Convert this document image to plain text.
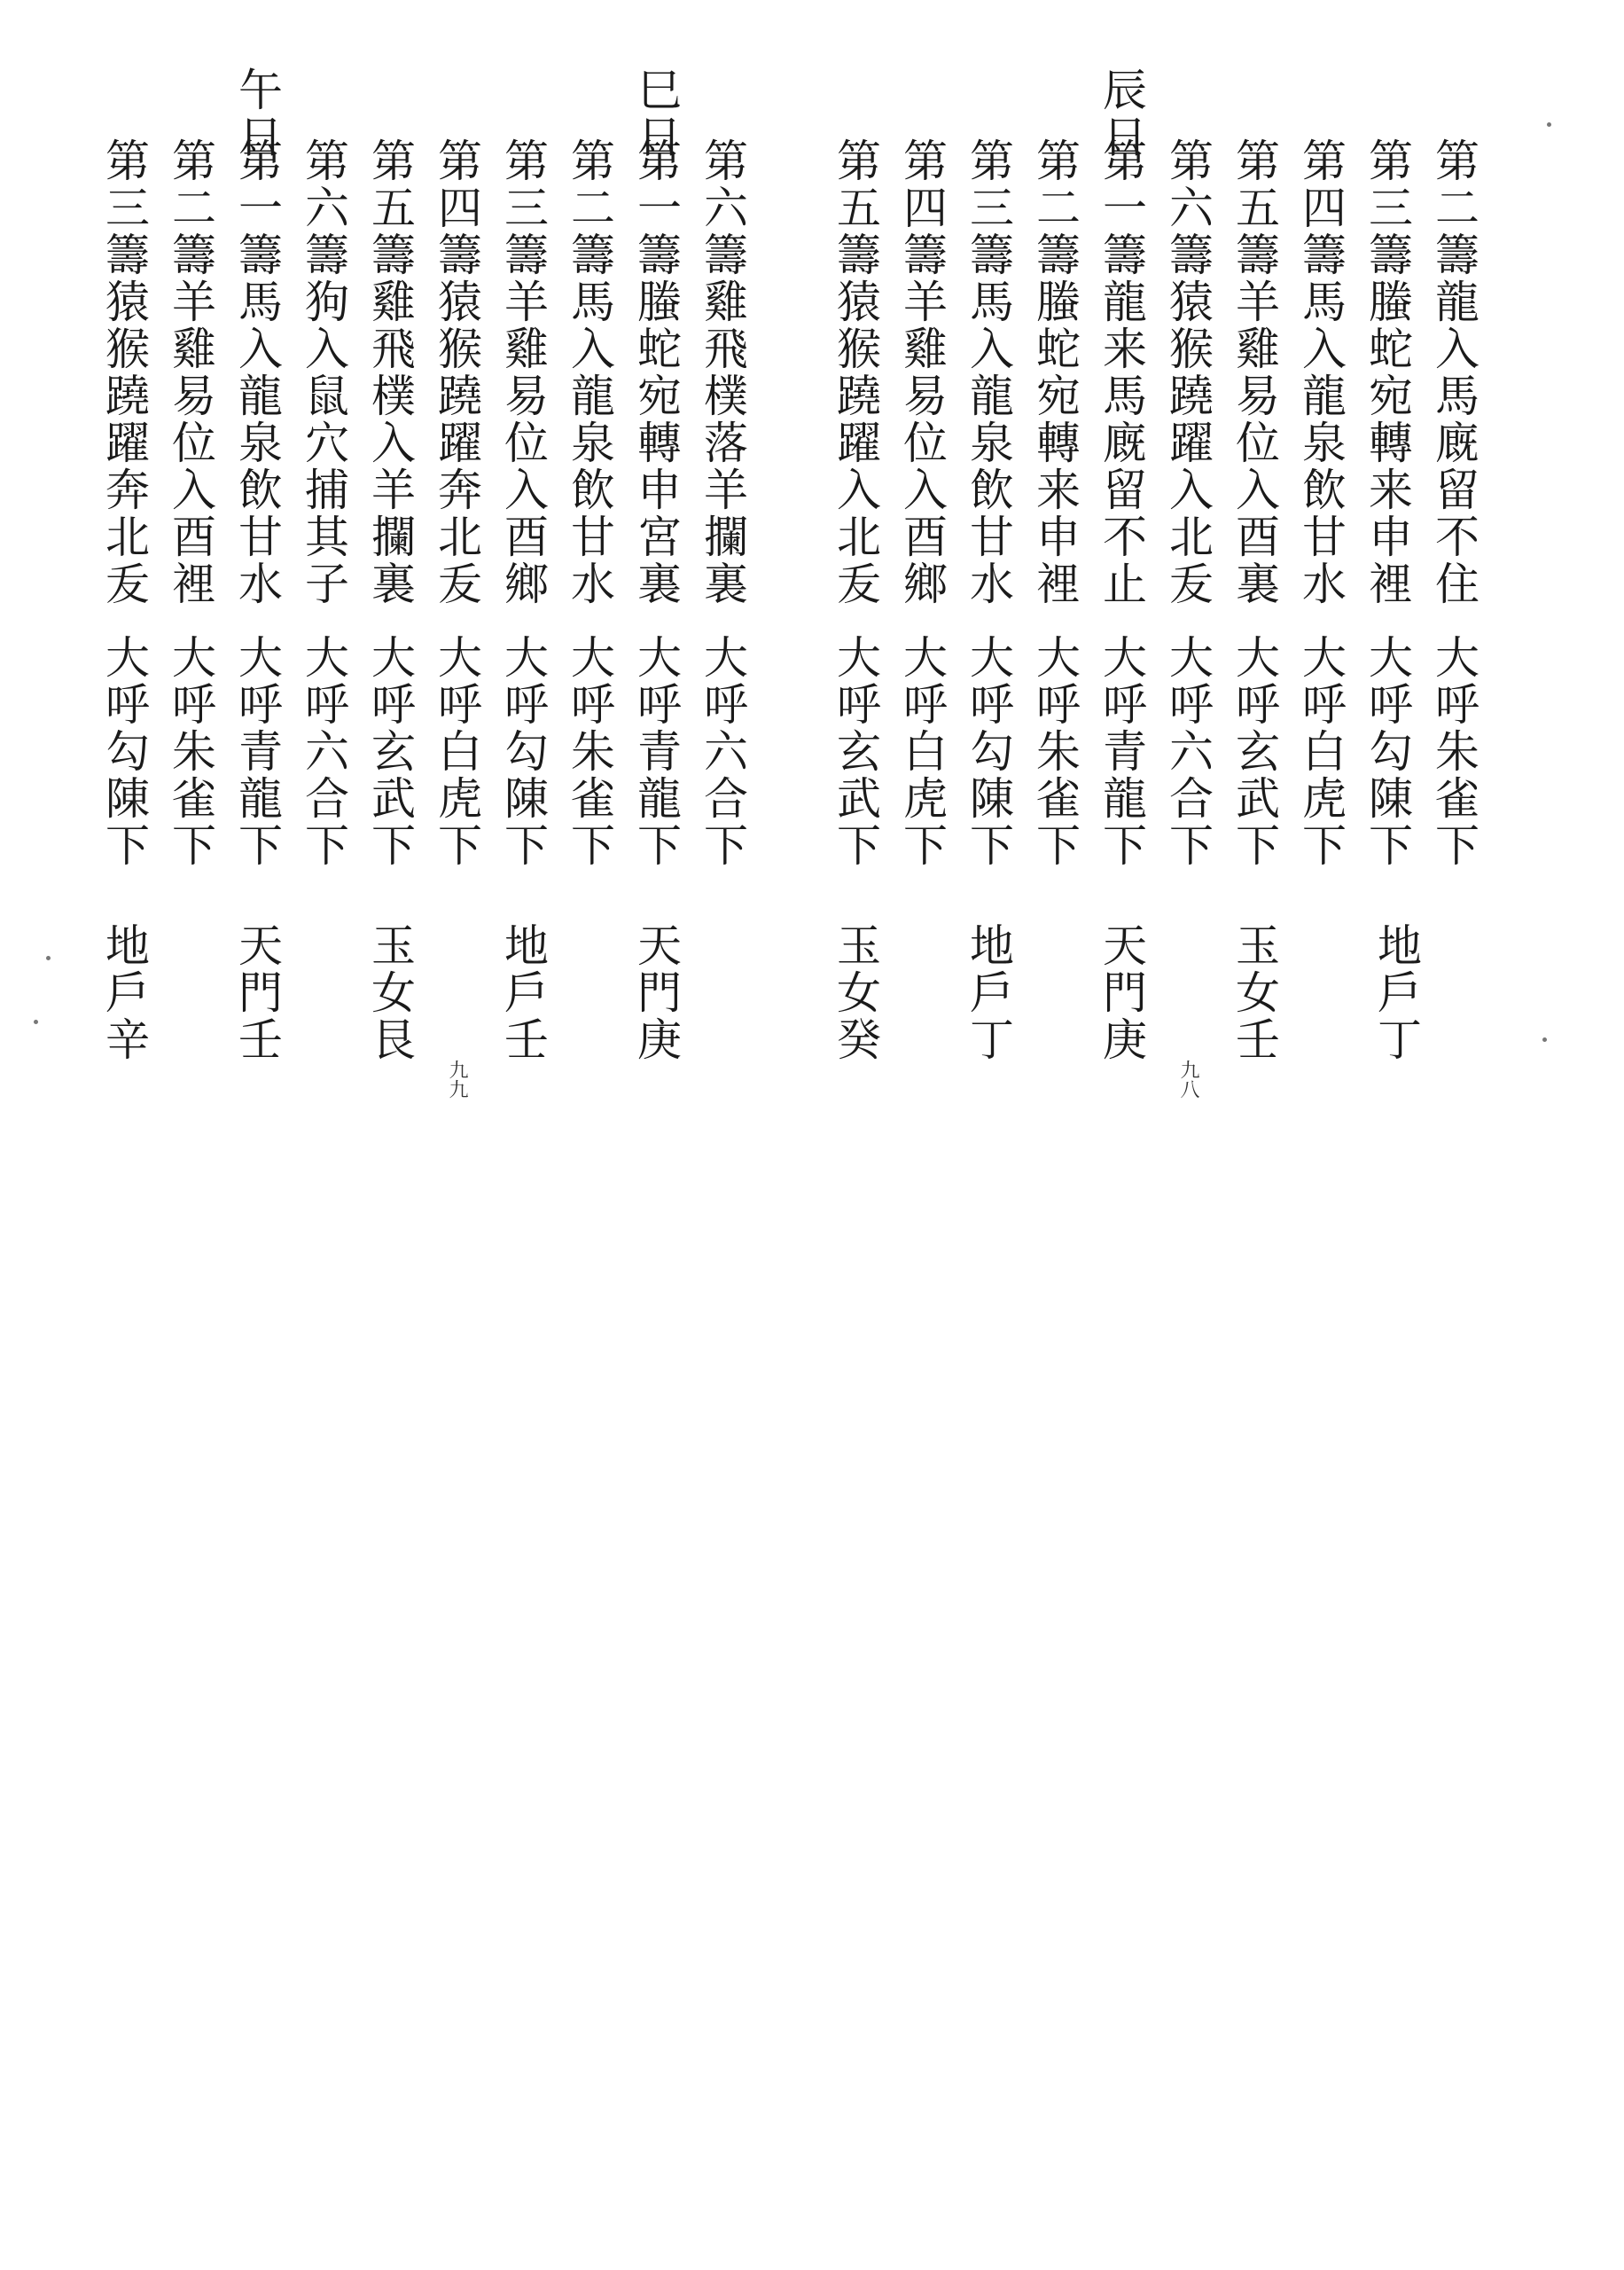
辰日
第二籌龍入馬廐留不住
第三籌螣蛇宛轉来申裡
第四籌馬入龍泉飲甘水
第五籌羊雞易位入酉裏
第六籌猿猴蹺躍入北叐
第一籌龍来馬廐留不止
第二籌螣蛇宛轉来申裡
第三籌馬入龍泉飲甘水
第四籌羊雞易位入酉鄉
第五籌猿猴蹺躍入北叐
大呼朱雀下
大呼勾陳下
大呼白虎下
大呼玄武下
大呼六合下
大呼青龍下
大呼朱雀下
大呼勾陳下
大呼白虎下
大呼玄武下
地戶丁
玉女壬
天門庚
地戶丁
玉女癸
九八
巳日
午日
第六籌雞飛樸落羊攔裏
第一籌螣蛇宛轉申宮裏
第二籌馬入龍泉飲甘水
第三籌羊雞易位入酉鄉
第四籌猿猴蹺躍奔北叐
第五籌雞飛樸入羊攔裏
第六籌狗入鼠穴捕其子
第一籌馬入龍泉飲甘水
第二籌羊雞易位入酉裡
第三籌猿猴蹺躍奔北叐
大呼六合下
大呼青龍下
大呼朱雀下
大呼勾陳下
大呼白虎下
大呼玄武下
大呼六合下
大呼青龍下
大呼朱雀下
大呼勾陳下
天門庚
地戶壬
玉女艮
天門壬
地戶辛
九九
